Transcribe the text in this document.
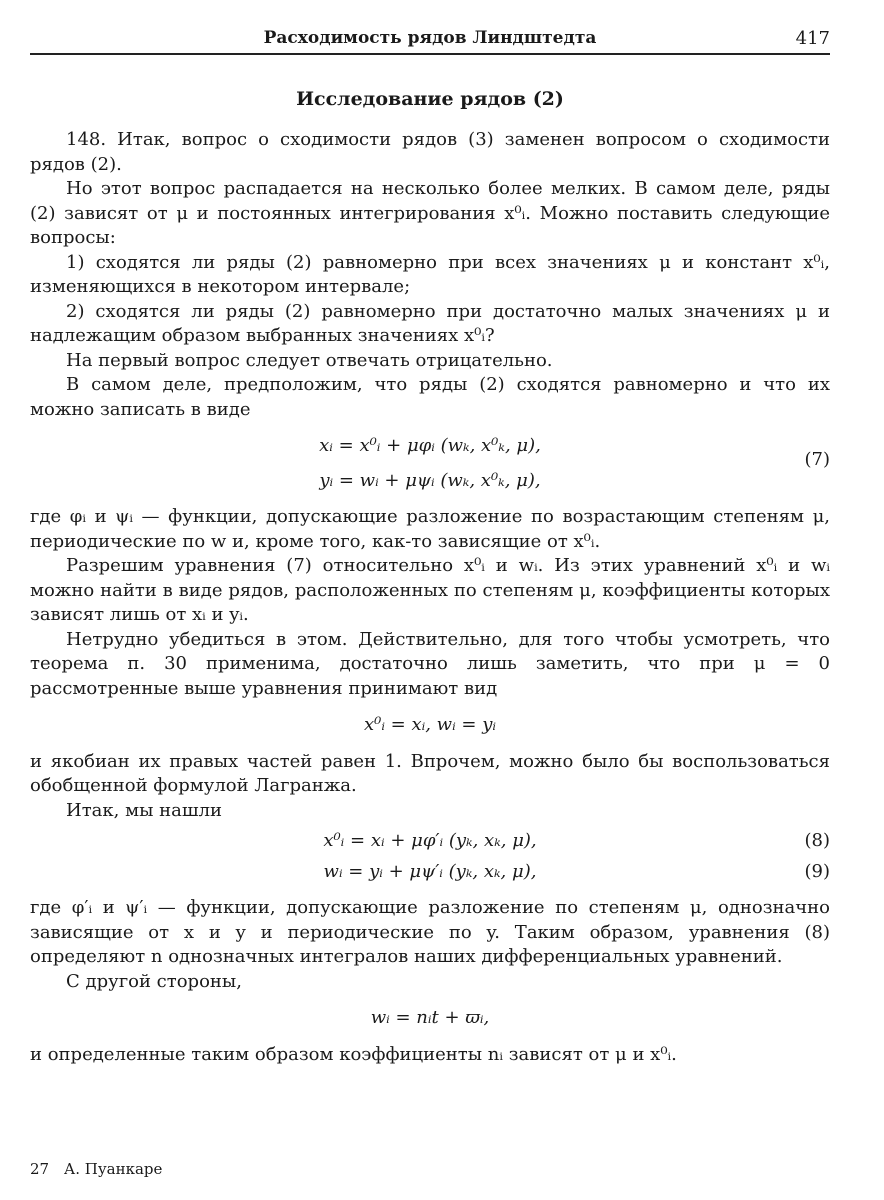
Расходимость рядов Линдштедта	417
Исследование рядов (2)

148. Итак, вопрос о сходимости рядов (3) заменен вопросом о сходимости рядов (2).

Но этот вопрос распадается на несколько более мелких. В самом деле, ряды (2) зависят от μ и постоянных интегрирования x⁰ᵢ. Можно поставить следующие вопросы:

1) сходятся ли ряды (2) равномерно при всех значениях μ и констант x⁰ᵢ, изменяющихся в некотором интервале;

2) сходятся ли ряды (2) равномерно при достаточно малых значениях μ и надлежащим образом выбранных значениях x⁰ᵢ?

На первый вопрос следует отвечать отрицательно.

В самом деле, предположим, что ряды (2) сходятся равномерно и что их можно записать в виде

xᵢ = x⁰ᵢ + μφᵢ (wₖ, x⁰ₖ, μ),
yᵢ = wᵢ + μψᵢ (wₖ, x⁰ₖ, μ),
(7)

где φᵢ и ψᵢ — функции, допускающие разложение по возрастающим степеням μ, периодические по w и, кроме того, как-то зависящие от x⁰ᵢ.

Разрешим уравнения (7) относительно x⁰ᵢ и wᵢ. Из этих уравнений x⁰ᵢ и wᵢ можно найти в виде рядов, расположенных по степеням μ, коэффициенты которых зависят лишь от xᵢ и yᵢ.

Нетрудно убедиться в этом. Действительно, для того чтобы усмотреть, что теорема п. 30 применима, достаточно лишь заметить, что при μ = 0 рассмотренные выше уравнения принимают вид

x⁰ᵢ = xᵢ, wᵢ = yᵢ

и якобиан их правых частей равен 1. Впрочем, можно было бы воспользоваться обобщенной формулой Лагранжа.

Итак, мы нашли

x⁰ᵢ = xᵢ + μφ′ᵢ (yₖ, xₖ, μ),	(8)
wᵢ = yᵢ + μψ′ᵢ (yₖ, xₖ, μ),	(9)

где φ′ᵢ и ψ′ᵢ — функции, допускающие разложение по степеням μ, однозначно зависящие от x и y и периодические по y. Таким образом, уравнения (8) определяют n однозначных интегралов наших дифференциальных уравнений.

С другой стороны,

wᵢ = nᵢt + ϖᵢ,

и определенные таким образом коэффициенты nᵢ зависят от μ и x⁰ᵢ.

27 А. Пуанкаре
